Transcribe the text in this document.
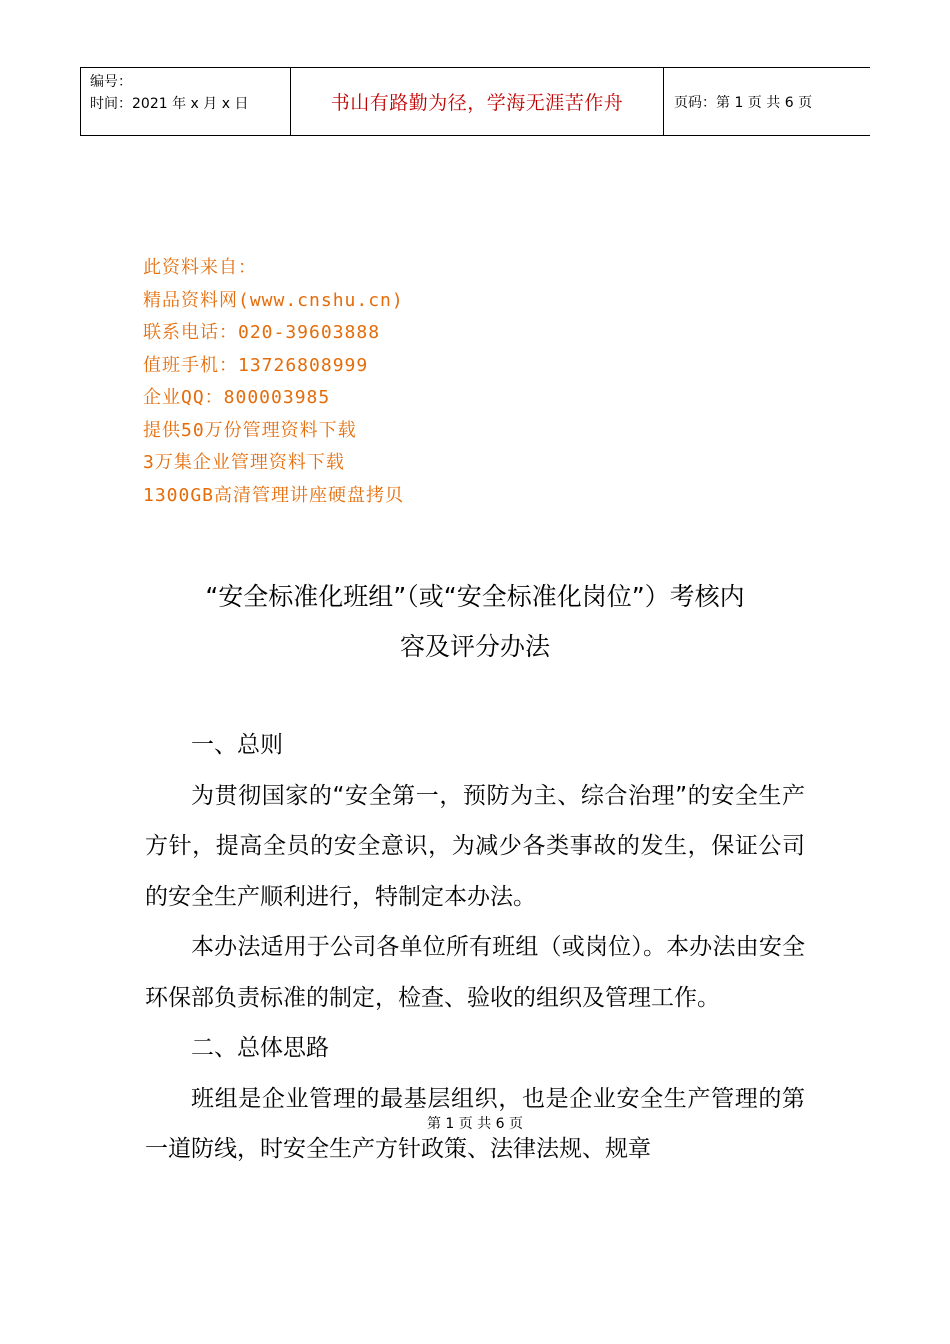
编号：
时间：2021 年 x 月 x 日	书山有路勤为径，学海无涯苦作舟	页码：第 1 页 共 6 页
此资料来自：
精品资料网(www.cnshu.cn)
联系电话：020-39603888
值班手机：13726808999
企业QQ：800003985
提供50万份管理资料下载
3万集企业管理资料下载
1300GB高清管理讲座硬盘拷贝
“安全标准化班组”（或“安全标准化岗位”）考核内
容及评分办法

一、总则

为贯彻国家的“安全第一，预防为主、综合治理”的安全生产方针，提高全员的安全意识，为减少各类事故的发生，保证公司的安全生产顺利进行，特制定本办法。

本办法适用于公司各单位所有班组（或岗位）。本办法由安全环保部负责标准的制定，检查、验收的组织及管理工作。

二、总体思路

班组是企业管理的最基层组织，也是企业安全生产管理的第一道防线，时安全生产方针政策、法律法规、规章

第 1 页 共 6 页
